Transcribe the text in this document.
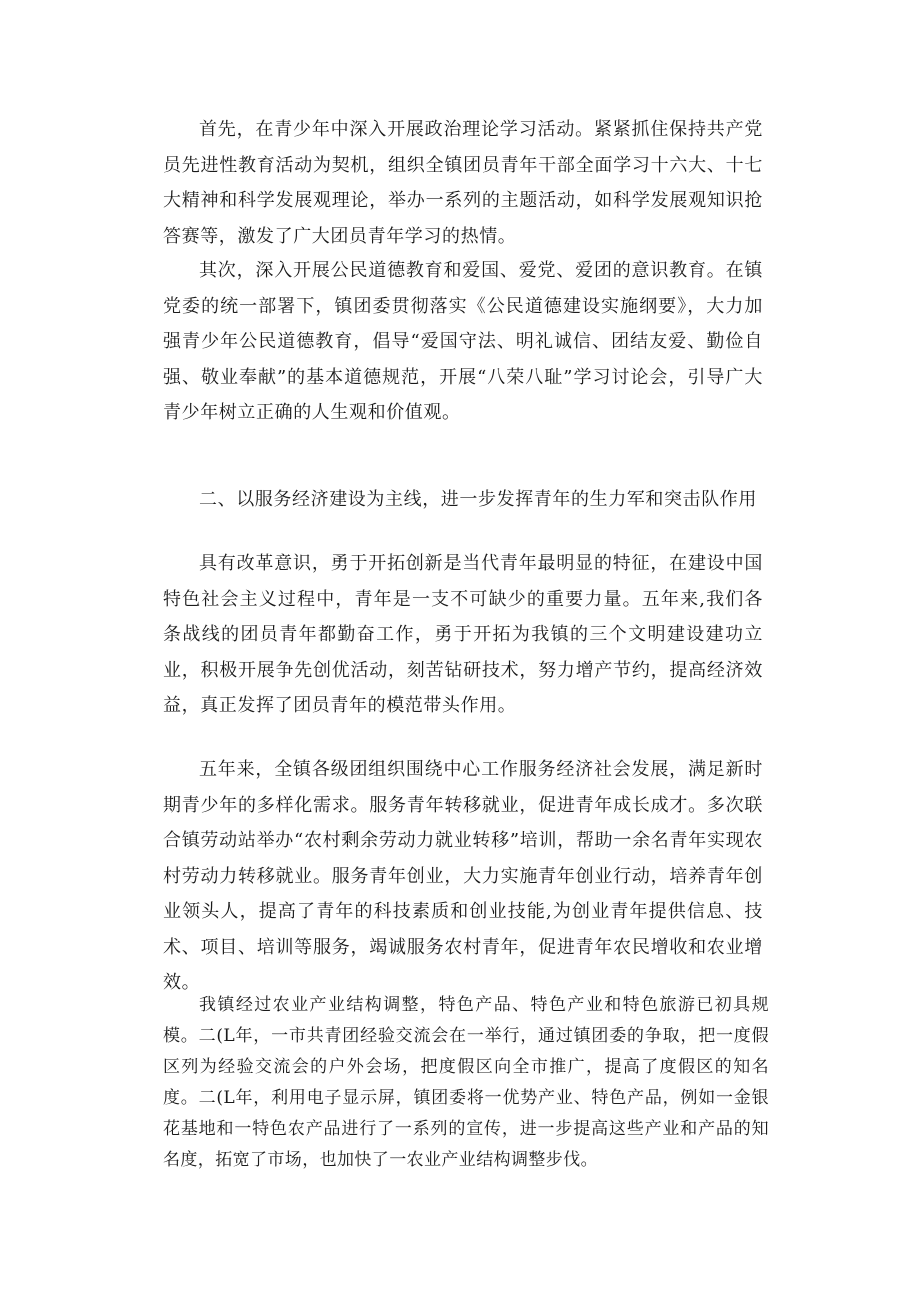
首先，在青少年中深入开展政治理论学习活动。紧紧抓住保持共产党员先进性教育活动为契机，组织全镇团员青年干部全面学习十六大、十七大精神和科学发展观理论，举办一系列的主题活动，如科学发展观知识抢答赛等，激发了广大团员青年学习的热情。

其次，深入开展公民道德教育和爱国、爱党、爱团的意识教育。在镇党委的统一部署下，镇团委贯彻落实《公民道德建设实施纲要》，大力加强青少年公民道德教育，倡导“爱国守法、明礼诚信、团结友爱、勤俭自强、敬业奉献”的基本道德规范，开展“八荣八耻”学习讨论会，引导广大青少年树立正确的人生观和价值观。

二、以服务经济建设为主线，进一步发挥青年的生力军和突击队作用

具有改革意识，勇于开拓创新是当代青年最明显的特征，在建设中国特色社会主义过程中，青年是一支不可缺少的重要力量。五年来,我们各条战线的团员青年都勤奋工作，勇于开拓为我镇的三个文明建设建功立业，积极开展争先创优活动，刻苦钻研技术，努力增产节约，提高经济效益，真正发挥了团员青年的模范带头作用。

五年来，全镇各级团组织围绕中心工作服务经济社会发展，满足新时期青少年的多样化需求。服务青年转移就业，促进青年成长成才。多次联合镇劳动站举办“农村剩余劳动力就业转移”培训，帮助一余名青年实现农村劳动力转移就业。服务青年创业，大力实施青年创业行动，培养青年创业领头人，提高了青年的科技素质和创业技能,为创业青年提供信息、技术、项目、培训等服务，竭诚服务农村青年，促进青年农民增收和农业增效。

我镇经过农业产业结构调整，特色产品、特色产业和特色旅游已初具规模。二(L年，一市共青团经验交流会在一举行，通过镇团委的争取，把一度假区列为经验交流会的户外会场，把度假区向全市推广，提高了度假区的知名度。二(L年，利用电子显示屏，镇团委将一优势产业、特色产品，例如一金银花基地和一特色农产品进行了一系列的宣传，进一步提高这些产业和产品的知名度，拓宽了市场，也加快了一农业产业结构调整步伐。
